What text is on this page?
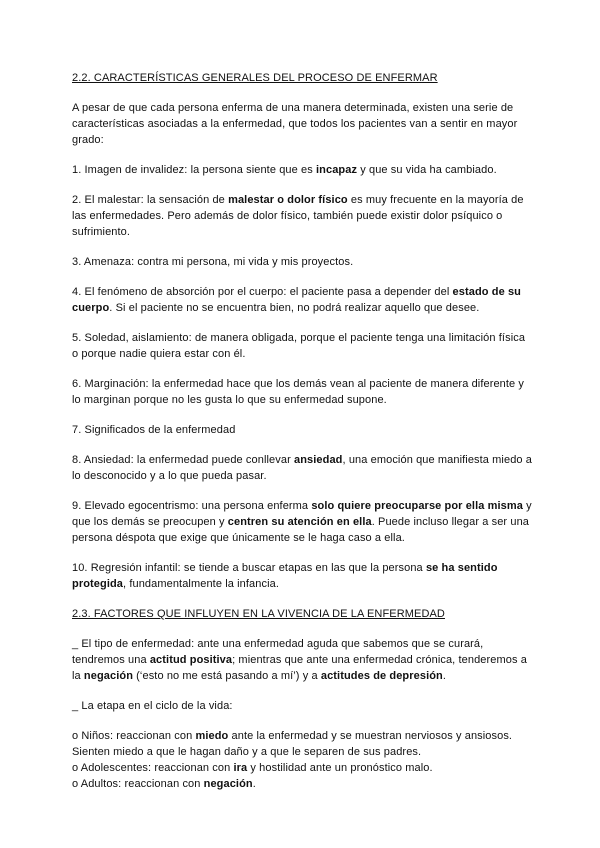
2.2. CARACTERÍSTICAS GENERALES DEL PROCESO DE ENFERMAR

A pesar de que cada persona enferma de una manera determinada, existen una serie de características asociadas a la enfermedad, que todos los pacientes van a sentir en mayor grado:

1. Imagen de invalidez: la persona siente que es incapaz y que su vida ha cambiado.

2. El malestar: la sensación de malestar o dolor físico es muy frecuente en la mayoría de las enfermedades. Pero además de dolor físico, también puede existir dolor psíquico o sufrimiento.

3. Amenaza: contra mi persona, mi vida y mis proyectos.

4. El fenómeno de absorción por el cuerpo: el paciente pasa a depender del estado de su cuerpo. Si el paciente no se encuentra bien, no podrá realizar aquello que desee.

5. Soledad, aislamiento: de manera obligada, porque el paciente tenga una limitación física o porque nadie quiera estar con él.

6. Marginación: la enfermedad hace que los demás vean al paciente de manera diferente y lo marginan porque no les gusta lo que su enfermedad supone.

7. Significados de la enfermedad

8. Ansiedad: la enfermedad puede conllevar ansiedad, una emoción que manifiesta miedo a lo desconocido y a lo que pueda pasar.

9. Elevado egocentrismo: una persona enferma solo quiere preocuparse por ella misma y que los demás se preocupen y centren su atención en ella. Puede incluso llegar a ser una persona déspota que exige que únicamente se le haga caso a ella.

10. Regresión infantil: se tiende a buscar etapas en las que la persona se ha sentido protegida, fundamentalmente la infancia.

2.3. FACTORES QUE INFLUYEN EN LA VIVENCIA DE LA ENFERMEDAD

_ El tipo de enfermedad: ante una enfermedad aguda que sabemos que se curará, tendremos una actitud positiva; mientras que ante una enfermedad crónica, tenderemos a la negación (‘esto no me está pasando a mí’) y a actitudes de depresión.

_ La etapa en el ciclo de la vida:

o Niños: reaccionan con miedo ante la enfermedad y se muestran nerviosos y ansiosos. Sienten miedo a que le hagan daño y a que le separen de sus padres.

o Adolescentes: reaccionan con ira y hostilidad ante un pronóstico malo.

o Adultos: reaccionan con negación.
